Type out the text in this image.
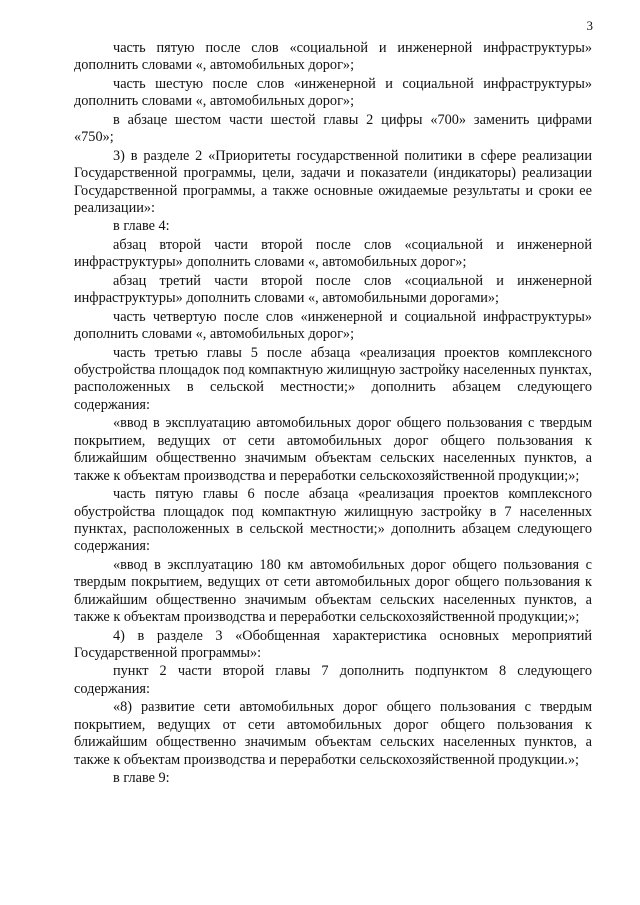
3

часть пятую после слов «социальной и инженерной инфраструктуры» дополнить словами «, автомобильных дорог»;

часть шестую после слов «инженерной и социальной инфраструктуры» дополнить словами «, автомобильных дорог»;

в абзаце шестом части шестой главы 2 цифры «700» заменить цифрами «750»;

3) в разделе 2 «Приоритеты государственной политики в сфере реализации Государственной программы, цели, задачи и показатели (индикаторы) реализации Государственной программы, а также основные ожидаемые результаты и сроки ее реализации»:

в главе 4:

абзац второй части второй после слов «социальной и инженерной инфраструктуры» дополнить словами «, автомобильных дорог»;

абзац третий части второй после слов «социальной и инженерной инфраструктуры» дополнить словами «, автомобильными дорогами»;

часть четвертую после слов «инженерной и социальной инфраструктуры» дополнить словами «, автомобильных дорог»;

часть третью главы 5 после абзаца «реализация проектов комплексного обустройства площадок под компактную жилищную застройку населенных пунктах, расположенных в сельской местности;» дополнить абзацем следующего содержания:

«ввод в эксплуатацию автомобильных дорог общего пользования с твердым покрытием, ведущих от сети автомобильных дорог общего пользования к ближайшим общественно значимым объектам сельских населенных пунктов, а также к объектам производства и переработки сельскохозяйственной продукции;»;

часть пятую главы 6 после абзаца «реализация проектов комплексного обустройства площадок под компактную жилищную застройку в 7 населенных пунктах, расположенных в сельской местности;» дополнить абзацем следующего содержания:

«ввод в эксплуатацию 180 км автомобильных дорог общего пользования с твердым покрытием, ведущих от сети автомобильных дорог общего пользования к ближайшим общественно значимым объектам сельских населенных пунктов, а также к объектам производства и переработки сельскохозяйственной продукции;»;

4) в разделе 3 «Обобщенная характеристика основных мероприятий Государственной программы»:

пункт 2 части второй главы 7 дополнить подпунктом 8 следующего содержания:

«8) развитие сети автомобильных дорог общего пользования с твердым покрытием, ведущих от сети автомобильных дорог общего пользования к ближайшим общественно значимым объектам сельских населенных пунктов, а также к объектам производства и переработки сельскохозяйственной продукции.»;

в главе 9:
